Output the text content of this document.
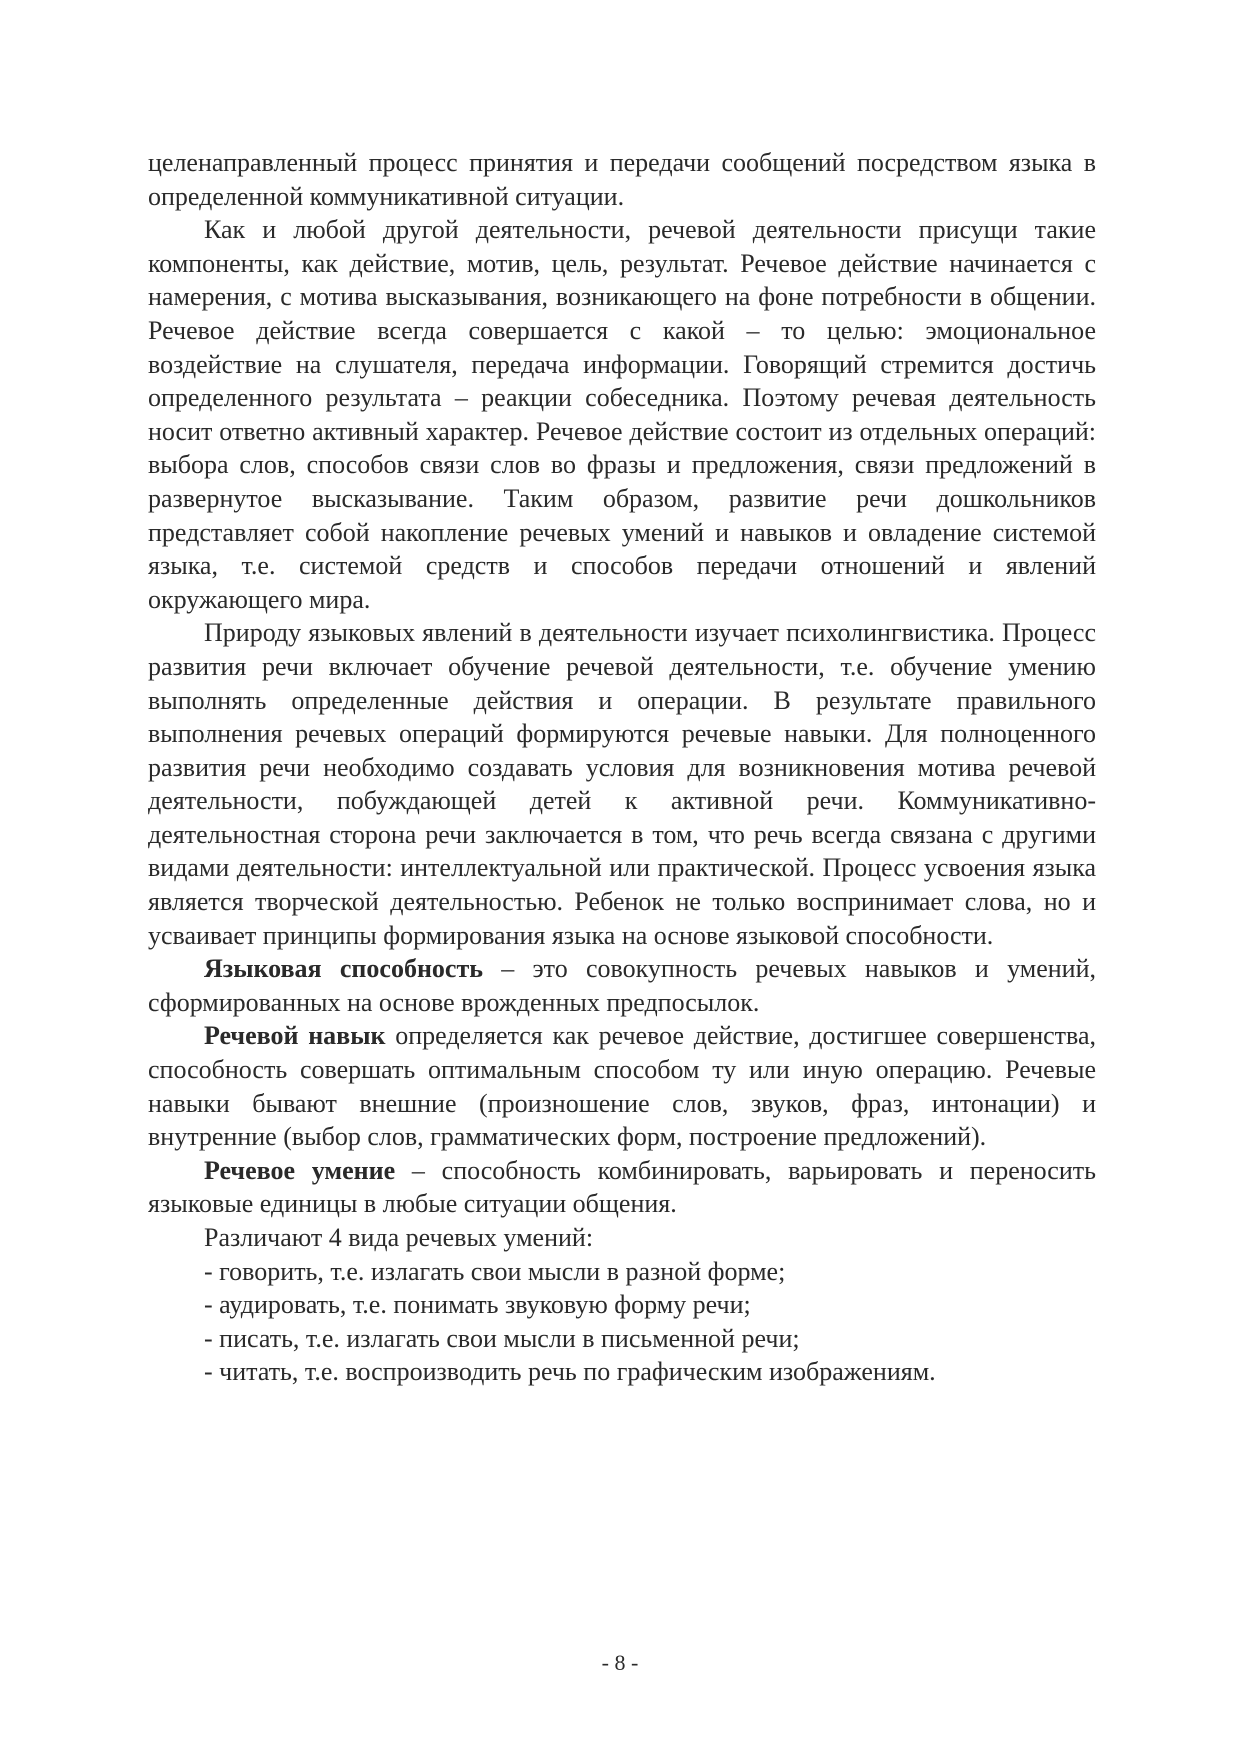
целенаправленный процесс принятия и передачи сообщений посредством языка в определенной коммуникативной ситуации.

Как и любой другой деятельности, речевой деятельности присущи такие компоненты, как действие, мотив, цель, результат. Речевое действие начинается с намерения, с мотива высказывания, возникающего на фоне потребности в общении. Речевое действие всегда совершается с какой – то целью: эмоциональное воздействие на слушателя, передача информации. Говорящий стремится достичь определенного результата – реакции собеседника. Поэтому речевая деятельность носит ответно активный характер. Речевое действие состоит из отдельных операций: выбора слов, способов связи слов во фразы и предложения, связи предложений в развернутое высказывание. Таким образом, развитие речи дошкольников представляет собой накопление речевых умений и навыков и овладение системой языка, т.е. системой средств и способов передачи отношений и явлений окружающего мира.

Природу языковых явлений в деятельности изучает психолингвистика. Процесс развития речи включает обучение речевой деятельности, т.е. обучение умению выполнять определенные действия и операции. В результате правильного выполнения речевых операций формируются речевые навыки. Для полноценного развития речи необходимо создавать условия для возникновения мотива речевой деятельности, побуждающей детей к активной речи. Коммуникативно-деятельностная сторона речи заключается в том, что речь всегда связана с другими видами деятельности: интеллектуальной или практической. Процесс усвоения языка является творческой деятельностью. Ребенок не только воспринимает слова, но и усваивает принципы формирования языка на основе языковой способности.

Языковая способность – это совокупность речевых навыков и умений, сформированных на основе врожденных предпосылок.

Речевой навык определяется как речевое действие, достигшее совершенства, способность совершать оптимальным способом ту или иную операцию. Речевые навыки бывают внешние (произношение слов, звуков, фраз, интонации) и внутренние (выбор слов, грамматических форм, построение предложений).

Речевое умение – способность комбинировать, варьировать и переносить языковые единицы в любые ситуации общения.

Различают 4 вида речевых умений:

- говорить, т.е. излагать свои мысли в разной форме;

- аудировать, т.е. понимать звуковую форму речи;

- писать, т.е. излагать свои мысли в письменной речи;

- читать, т.е. воспроизводить речь по графическим изображениям.

- 8 -
